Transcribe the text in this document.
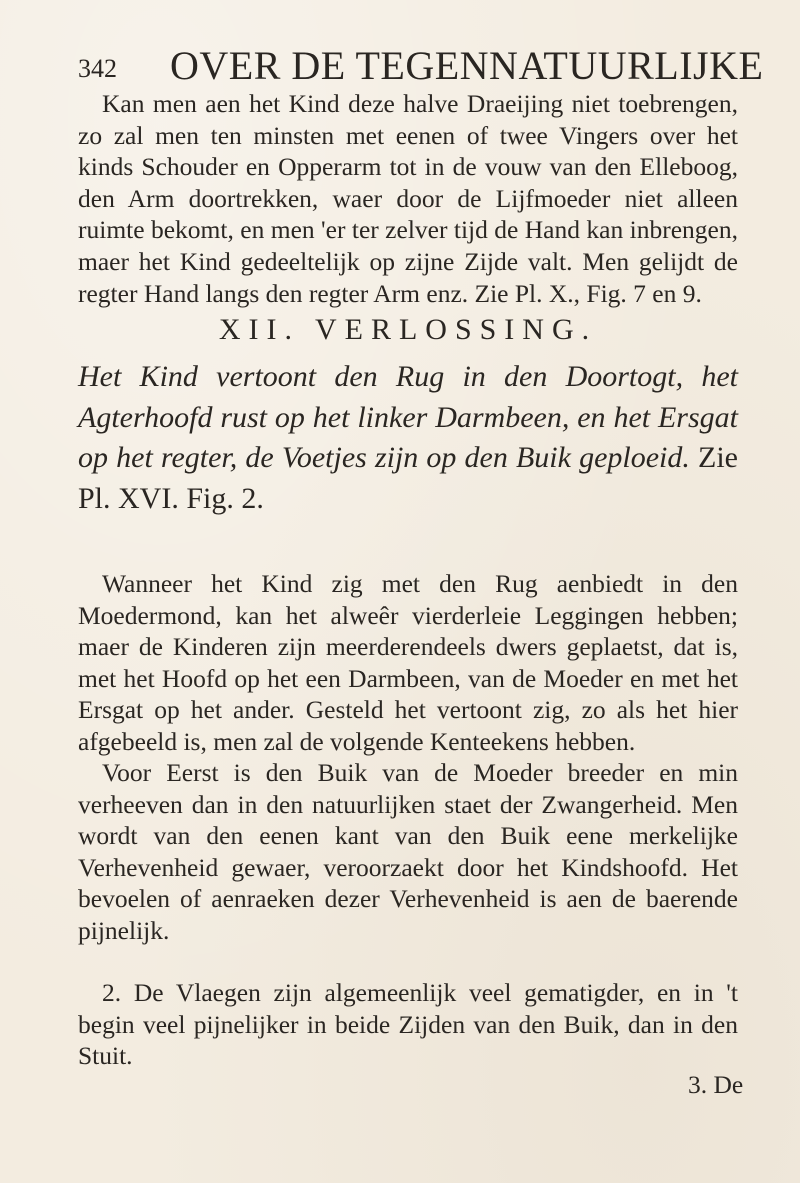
342 OVER DE TEGENNATUURLIJKE
Kan men aen het Kind deze halve Draeijing niet toebrengen, zo zal men ten minsten met eenen of twee Vingers over het kinds Schouder en Opperarm tot in de vouw van den Elleboog, den Arm doortrekken, waer door de Lijfmoeder niet alleen ruimte bekomt, en men 'er ter zelver tijd de Hand kan inbrengen, maer het Kind gedeeltelijk op zijne Zijde valt. Men gelijdt de regter Hand langs den regter Arm enz. Zie Pl. X., Fig. 7 en 9.
XII. VERLOSSING.
Het Kind vertoont den Rug in den Doortogt, het Agterhoofd rust op het linker Darmbeen, en het Ersgat op het regter, de Voetjes zijn op den Buik geploeid. Zie Pl. XVI. Fig. 2.
Wanneer het Kind zig met den Rug aenbiedt in den Moedermond, kan het alweêr vierderleie Leggingen hebben; maer de Kinderen zijn meerderendeels dwers geplaetst, dat is, met het Hoofd op het een Darmbeen, van de Moeder en met het Ersgat op het ander. Gesteld het vertoont zig, zo als het hier afgebeeld is, men zal de volgende Kenteekens hebben.
Voor Eerst is den Buik van de Moeder breeder en min verheeven dan in den natuurlijken staet der Zwangerheid. Men wordt van den eenen kant van den Buik eene merkelijke Verhevenheid gewaer, veroorzaekt door het Kindshoofd. Het bevoelen of aenraeken dezer Verhevenheid is aen de baerende pijnelijk.
2. De Vlaegen zijn algemeenlijk veel gematigder, en in 't begin veel pijnelijker in beide Zijden van den Buik, dan in den Stuit.
3. De
